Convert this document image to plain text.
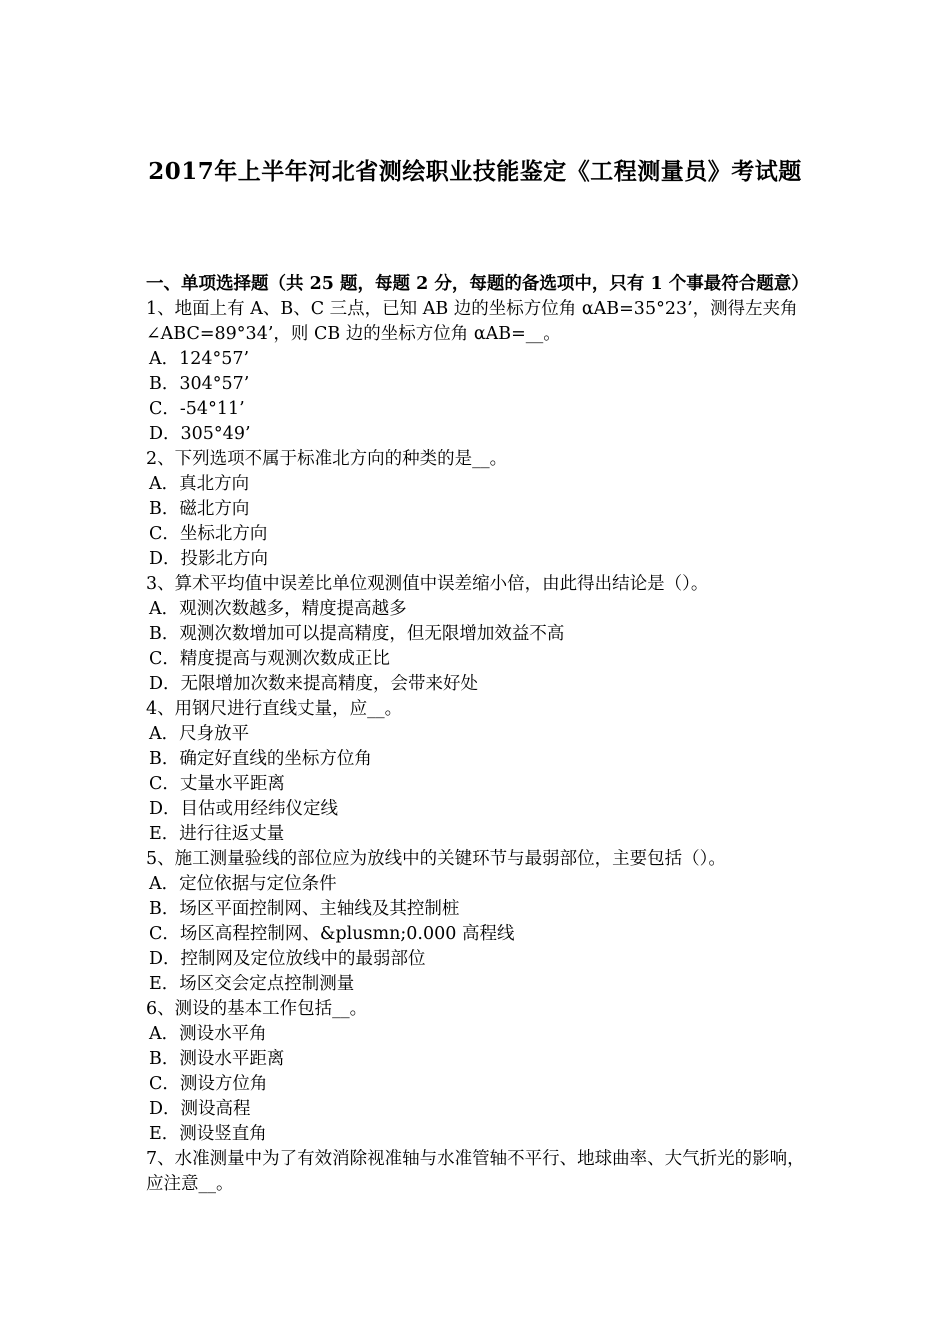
2017年上半年河北省测绘职业技能鉴定《工程测量员》考试题
一、单项选择题（共 25 题，每题 2 分，每题的备选项中，只有 1 个事最符合题意）
1、地面上有 A、B、C 三点，已知 AB 边的坐标方位角 αAB=35°23’，测得左夹角∠ABC=89°34’，则 CB 边的坐标方位角 αAB=__。
A．124°57’
B．304°57’
C．-54°11’
D．305°49’
2、下列选项不属于标准北方向的种类的是__。
A．真北方向
B．磁北方向
C．坐标北方向
D．投影北方向
3、算术平均值中误差比单位观测值中误差缩小倍，由此得出结论是（）。
A．观测次数越多，精度提高越多
B．观测次数增加可以提高精度，但无限增加效益不高
C．精度提高与观测次数成正比
D．无限增加次数来提高精度，会带来好处
4、用钢尺进行直线丈量，应__。
A．尺身放平
B．确定好直线的坐标方位角
C．丈量水平距离
D．目估或用经纬仪定线
E．进行往返丈量
5、施工测量验线的部位应为放线中的关键环节与最弱部位，主要包括（）。
A．定位依据与定位条件
B．场区平面控制网、主轴线及其控制桩
C．场区高程控制网、&plusmn;0.000 高程线
D．控制网及定位放线中的最弱部位
E．场区交会定点控制测量
6、测设的基本工作包括__。
A．测设水平角
B．测设水平距离
C．测设方位角
D．测设高程
E．测设竖直角
7、水准测量中为了有效消除视准轴与水准管轴不平行、地球曲率、大气折光的影响，应注意__。
